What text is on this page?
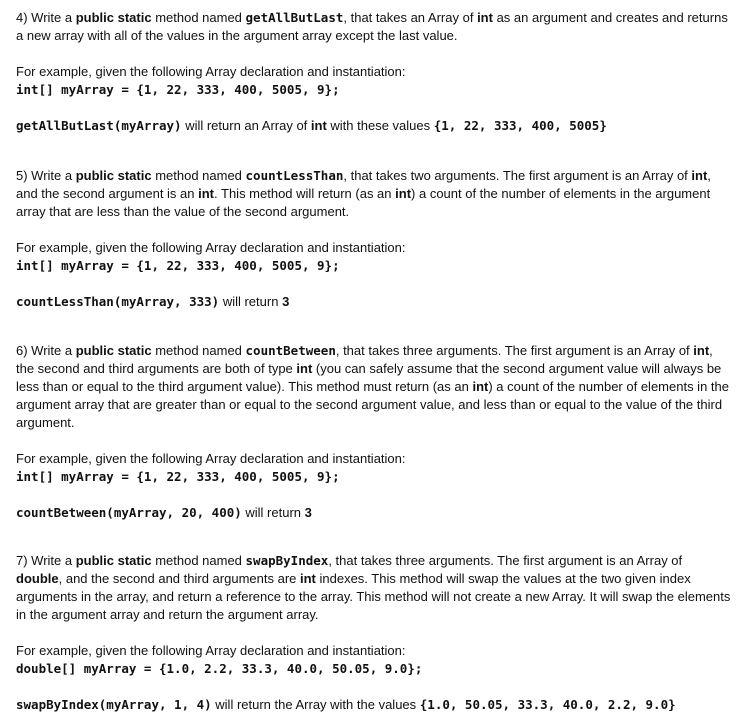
4) Write a public static method named getAllButLast, that takes an Array of int as an argument and creates and returns a new array with all of the values in the argument array except the last value.

For example, given the following Array declaration and instantiation:

int[] myArray = {1, 22, 333, 400, 5005, 9};

getAllButLast(myArray) will return an Array of int with these values {1, 22, 333, 400, 5005}

5) Write a public static method named countLessThan, that takes two arguments. The first argument is an Array of int, and the second argument is an int. This method will return (as an int) a count of the number of elements in the argument array that are less than the value of the second argument.

For example, given the following Array declaration and instantiation:

int[] myArray = {1, 22, 333, 400, 5005, 9};

countLessThan(myArray, 333) will return 3

6) Write a public static method named countBetween, that takes three arguments. The first argument is an Array of int, the second and third arguments are both of type int (you can safely assume that the second argument value will always be less than or equal to the third argument value). This method must return (as an int) a count of the number of elements in the argument array that are greater than or equal to the second argument value, and less than or equal to the value of the third argument.

For example, given the following Array declaration and instantiation:

int[] myArray = {1, 22, 333, 400, 5005, 9};

countBetween(myArray, 20, 400) will return 3

7) Write a public static method named swapByIndex, that takes three arguments. The first argument is an Array of double, and the second and third arguments are int indexes. This method will swap the values at the two given index arguments in the array, and return a reference to the array. This method will not create a new Array. It will swap the elements in the argument array and return the argument array.

For example, given the following Array declaration and instantiation:

double[] myArray = {1.0, 2.2, 33.3, 40.0, 50.05, 9.0};

swapByIndex(myArray, 1, 4) will return the Array with the values {1.0, 50.05, 33.3, 40.0, 2.2, 9.0}
